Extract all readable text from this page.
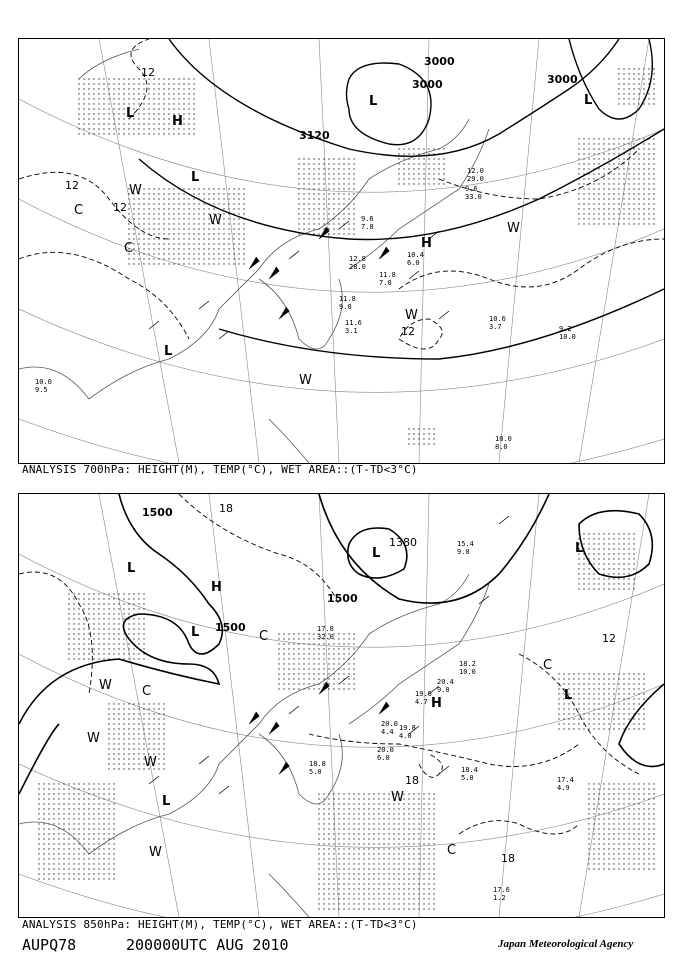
3000
3000
3000
3120
12
12
12
12
H
H
L
L
L	L
L
W
W
W
W
W
C
C	10.4 6.0
11.8 7.0
12.8 28.0
9.6 7.8
10.6 3.7	9.2 10.0
11.8 9.0
11.6 3.1
10.0 8.0
10.0 9.5
12.0 29.0
9.6 33.0
ANALYSIS 700hPa: HEIGHT(M), TEMP(°C), WET AREA::(T-TD<3°C)
1500
1500
1500
1380
12
18
18
18
H
H
L
L
L	L
L
L
W
W
W
W
W
C
C
C
C
20.0 6.0
17.4 4.9
18.4 5.0
17.6 1.2
20.0 4.4 19.8 4.0
15.4 9.0
18.2 10.0
20.4 9.0
19.6 4.7
18.8 5.0
17.8 32.0
ANALYSIS 850hPa: HEIGHT(M), TEMP(°C), WET AREA::(T-TD<3°C)
AUPQ78	200000UTC AUG 2010	Japan Meteorological Agency
